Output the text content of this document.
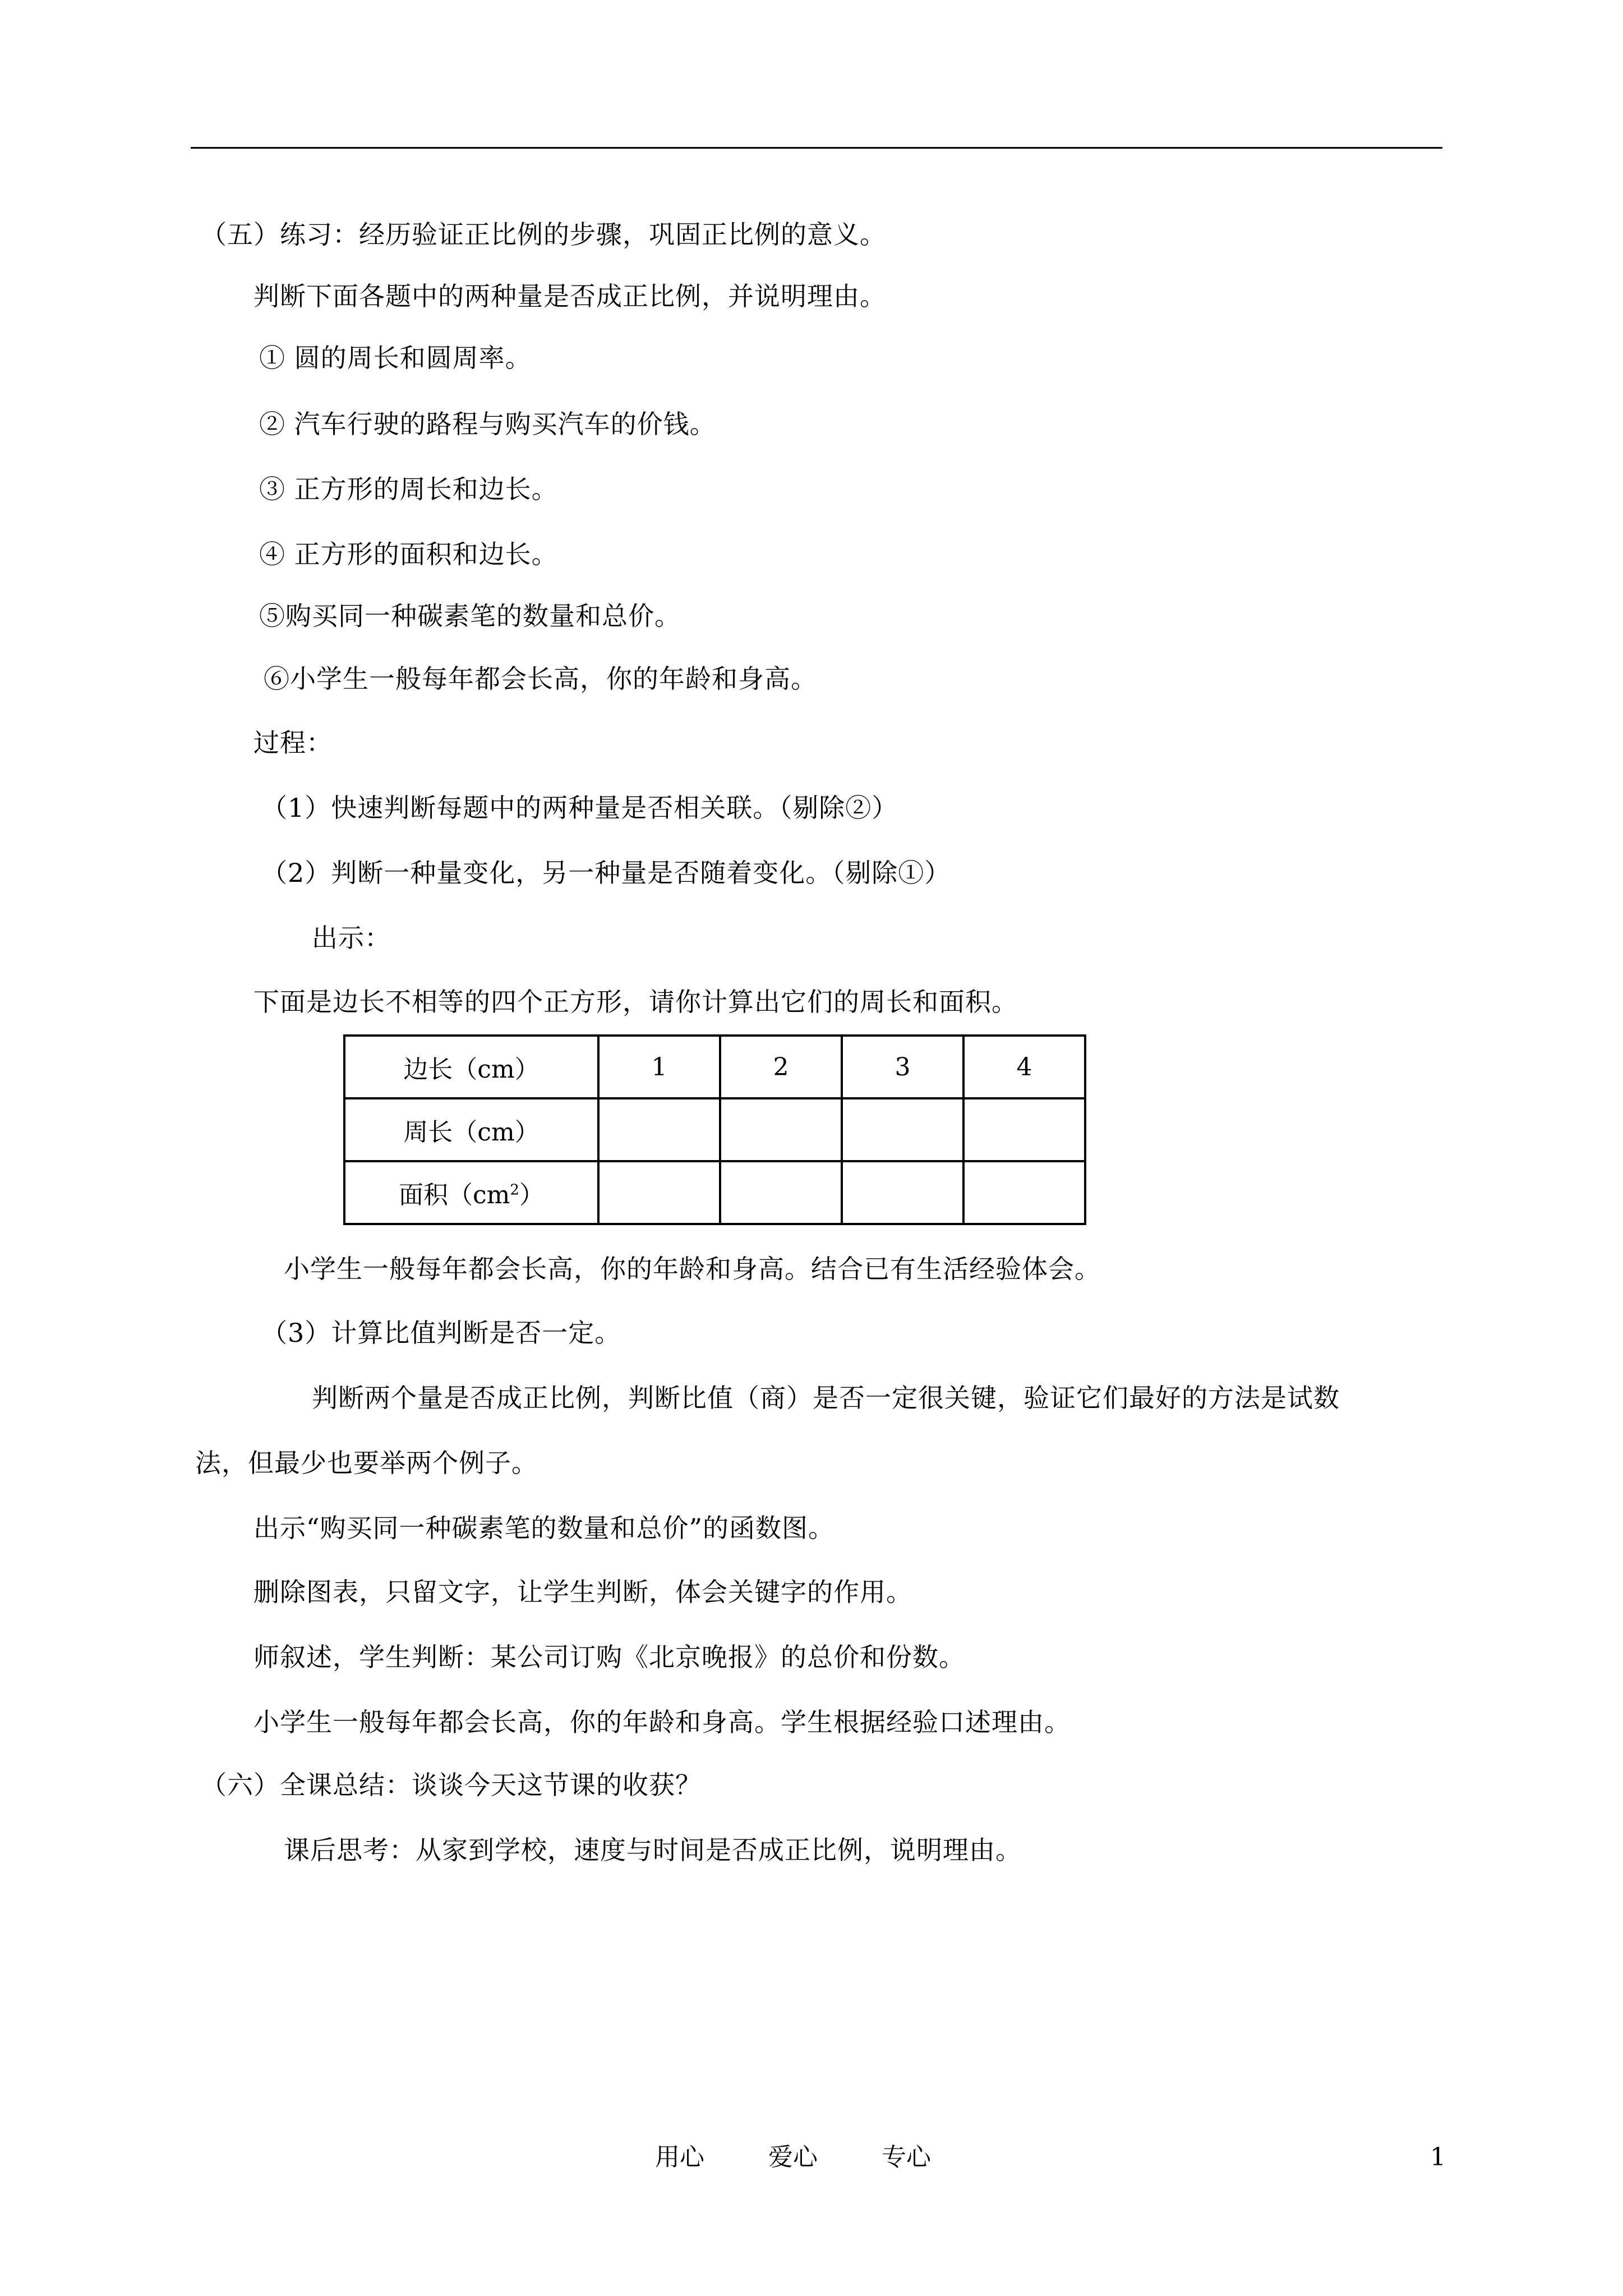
（五）练习：经历验证正比例的步骤，巩固正比例的意义。
判断下面各题中的两种量是否成正比例，并说明理由。
① 圆的周长和圆周率。
② 汽车行驶的路程与购买汽车的价钱。
③ 正方形的周长和边长。
④ 正方形的面积和边长。
⑤购买同一种碳素笔的数量和总价。
⑥小学生一般每年都会长高，你的年龄和身高。
过程：
（1）快速判断每题中的两种量是否相关联。（剔除②）
（2）判断一种量变化，另一种量是否随着变化。（剔除①）
出示：
下面是边长不相等的四个正方形，请你计算出它们的周长和面积。
边长（cm）	1	2	3	4
周长（cm）				
面积$(cm^2)$				
小学生一般每年都会长高，你的年龄和身高。结合已有生活经验体会。
（3）计算比值判断是否一定。
判断两个量是否成正比例，判断比值（商）是否一定很关键，验证它们最好的方法是试数
法，但最少也要举两个例子。
出示“购买同一种碳素笔的数量和总价”的函数图。
删除图表，只留文字，让学生判断，体会关键字的作用。
师叙述，学生判断：某公司订购《北京晚报》的总价和份数。
小学生一般每年都会长高，你的年龄和身高。学生根据经验口述理由。
（六）全课总结：谈谈今天这节课的收获？
课后思考：从家到学校，速度与时间是否成正比例，说明理由。
用心	爱心	专心	1
